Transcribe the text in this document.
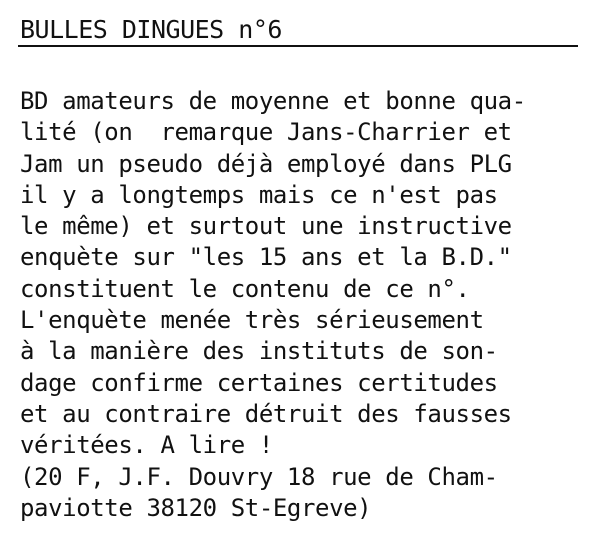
BULLES DINGUES n°6
BD amateurs de moyenne et bonne qua-
lité (on  remarque Jans-Charrier et
Jam un pseudo déjà employé dans PLG
il y a longtemps mais ce n'est pas
le même) et surtout une instructive
enquète sur "les 15 ans et la B.D."
constituent le contenu de ce n°.
L'enquète menée très sérieusement
à la manière des instituts de son-
dage confirme certaines certitudes
et au contraire détruit des fausses
véritées. A lire !
(20 F, J.F. Douvry 18 rue de Cham-
paviotte 38120 St-Egreve)
